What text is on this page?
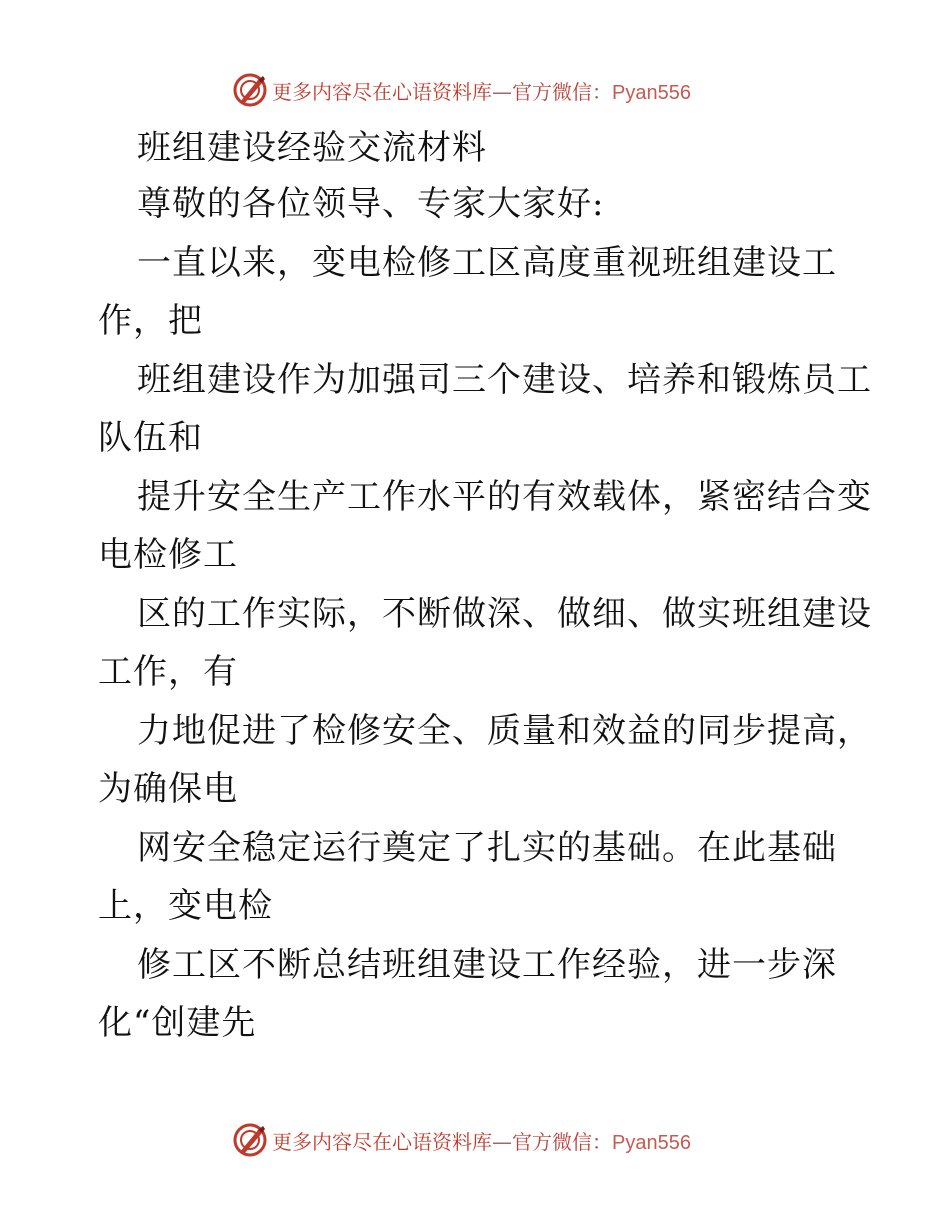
更多内容尽在心语资料库—官方微信：Pyan556
班组建设经验交流材料
尊敬的各位领导、专家大家好:
一直以来，变电检修工区高度重视班组建设工
作，把
班组建设作为加强司三个建设、培养和锻炼员工
队伍和
提升安全生产工作水平的有效载体，紧密结合变
电检修工
区的工作实际，不断做深、做细、做实班组建设
工作，有
力地促进了检修安全、质量和效益的同步提高，
为确保电
网安全稳定运行奠定了扎实的基础。在此基础
上，变电检
修工区不断总结班组建设工作经验，进一步深
化“创建先
更多内容尽在心语资料库—官方微信：Pyan556
